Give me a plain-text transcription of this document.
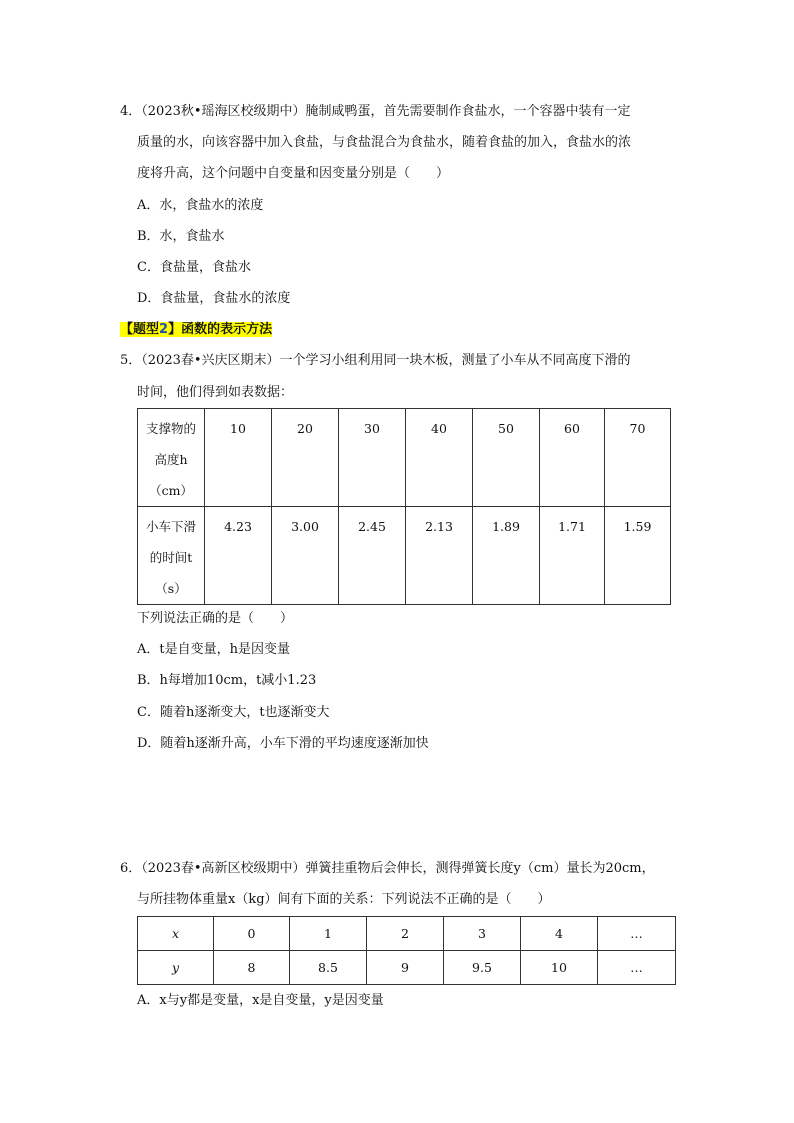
4．（2023秋•瑶海区校级期中）腌制咸鸭蛋，首先需要制作食盐水，一个容器中装有一定
质量的水，向该容器中加入食盐，与食盐混合为食盐水，随着食盐的加入，食盐水的浓
度将升高，这个问题中自变量和因变量分别是（　　）
A．水，食盐水的浓度
B．水，食盐水
C．食盐量，食盐水
D．食盐量，食盐水的浓度
【题型2】函数的表示方法
5．（2023春•兴庆区期末）一个学习小组利用同一块木板，测量了小车从不同高度下滑的
时间，他们得到如表数据：
支撑物的
高度h
（cm）	10	20	30	40	50	60	70

小车下滑
的时间t
（s）	4.23	3.00	2.45	2.13	1.89	1.71	1.59
下列说法正确的是（　　）
A．t是自变量，h是因变量
B．h每增加10cm，t减小1.23
C．随着h逐渐变大，t也逐渐变大
D．随着h逐渐升高，小车下滑的平均速度逐渐加快
6．（2023春•高新区校级期中）弹簧挂重物后会伸长，测得弹簧长度y（cm）量长为20cm，
与所挂物体重量x（kg）间有下面的关系：下列说法不正确的是（　　）
x	0	1	2	3	4	…
y	8	8.5	9	9.5	10	…
A．x与y都是变量，x是自变量，y是因变量
